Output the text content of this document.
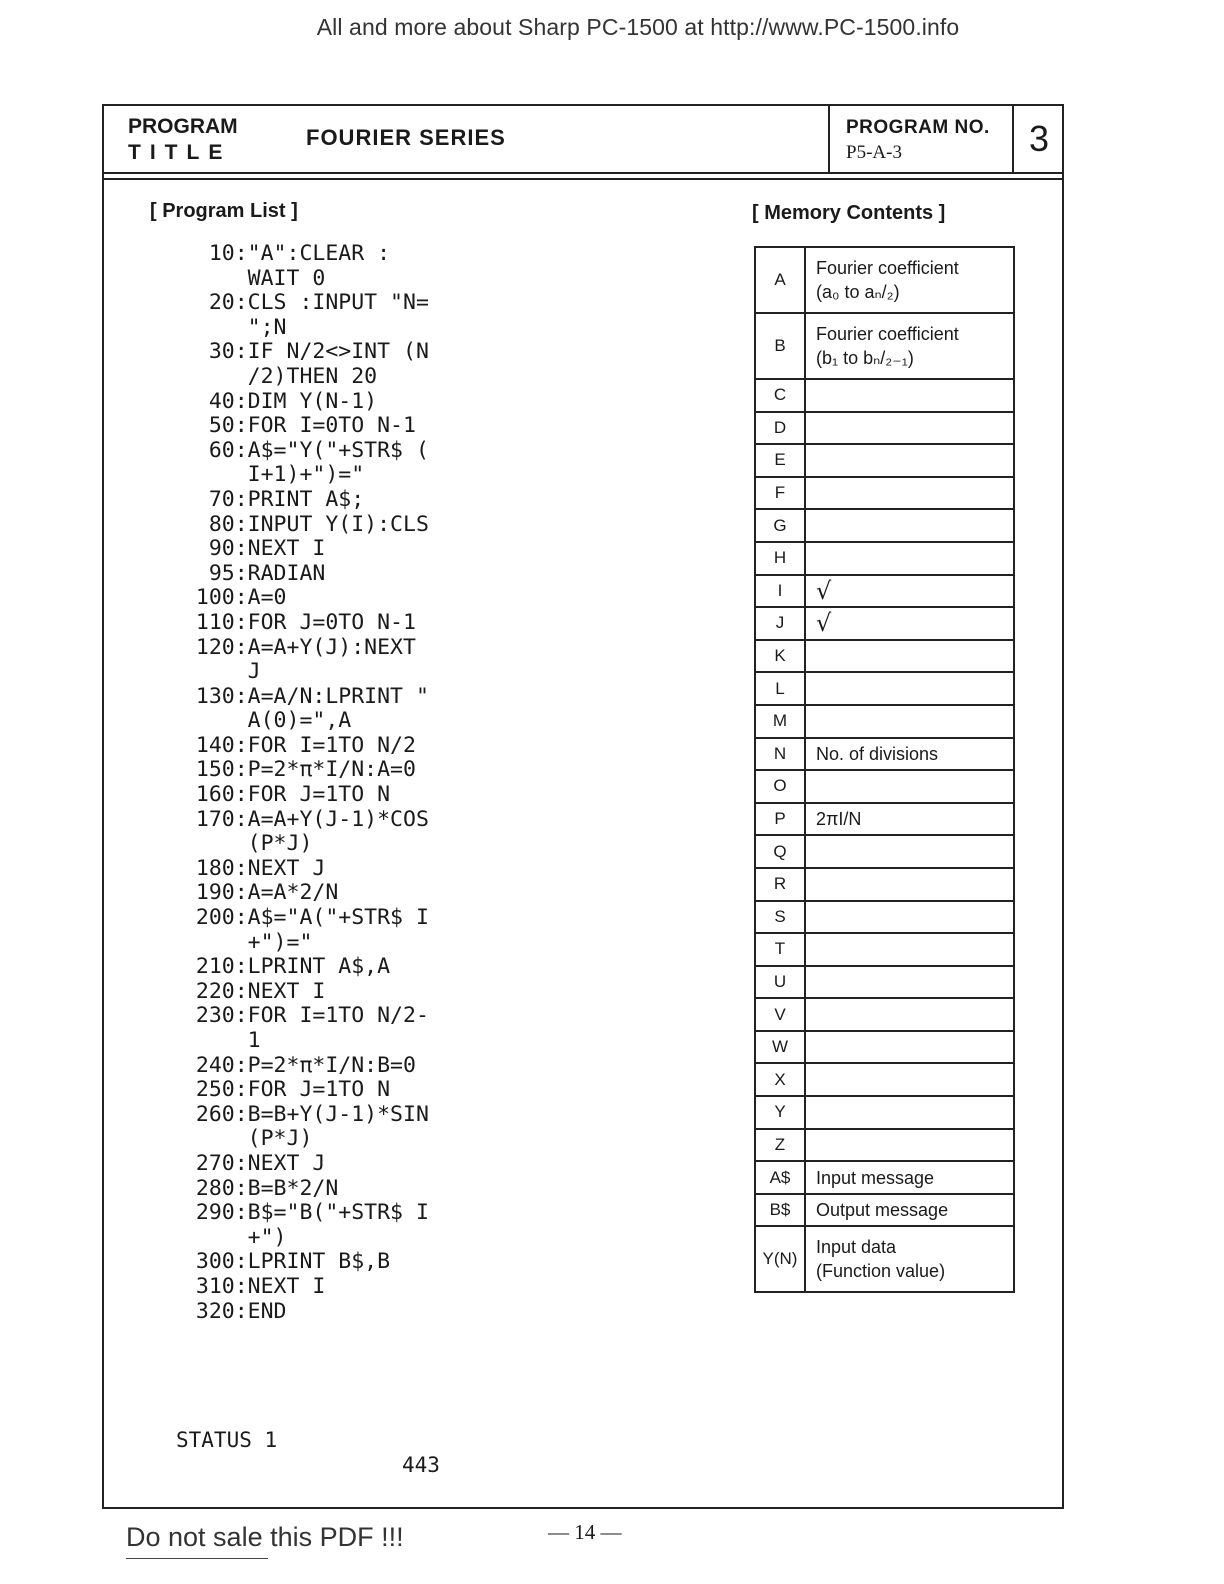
All and more about Sharp PC-1500 at http://www.PC-1500.info
PROGRAM
TITLE
FOURIER SERIES	PROGRAM NO.
P5-A-3	3
[ Program List ]
10:"A":CLEAR :
WAIT 0
20:CLS :INPUT "N=
";N
30:IF N/2<>INT (N
/2)THEN 20
40:DIM Y(N-1)
50:FOR I=0TO N-1
60:A$="Y("+STR$ (
I+1)+")="
70:PRINT A$;
80:INPUT Y(I):CLS
90:NEXT I
95:RADIAN
100:A=0
110:FOR J=0TO N-1
120:A=A+Y(J):NEXT
J
130:A=A/N:LPRINT "
A(0)=",A
140:FOR I=1TO N/2
150:P=2*π*I/N:A=0
160:FOR J=1TO N
170:A=A+Y(J-1)*COS
(P*J)
180:NEXT J
190:A=A*2/N
200:A$="A("+STR$ I
+")="
210:LPRINT A$,A
220:NEXT I
230:FOR I=1TO N/2-
1
240:P=2*π*I/N:B=0
250:FOR J=1TO N
260:B=B+Y(J-1)*SIN
(P*J)
270:NEXT J
280:B=B*2/N
290:B$="B("+STR$ I
+")
300:LPRINT B$,B
310:NEXT I
320:END
STATUS 1
443
[ Memory Contents ]
A	Fourier coefficient
(a₀ to aₙ/₂)
B	Fourier coefficient
(b₁ to bₙ/₂₋₁)
C	
D	
E	
F	
G	
H	
I	√
J	√
K	
L	
M	
N	No. of divisions
O	
P	2πI/N
Q	
R	
S	
T	
U	
V	
W	
X	
Y	
Z	
A$	Input message
B$	Output message
Y(N)	Input data
(Function value)
Do not sale this PDF !!!	— 14 —
